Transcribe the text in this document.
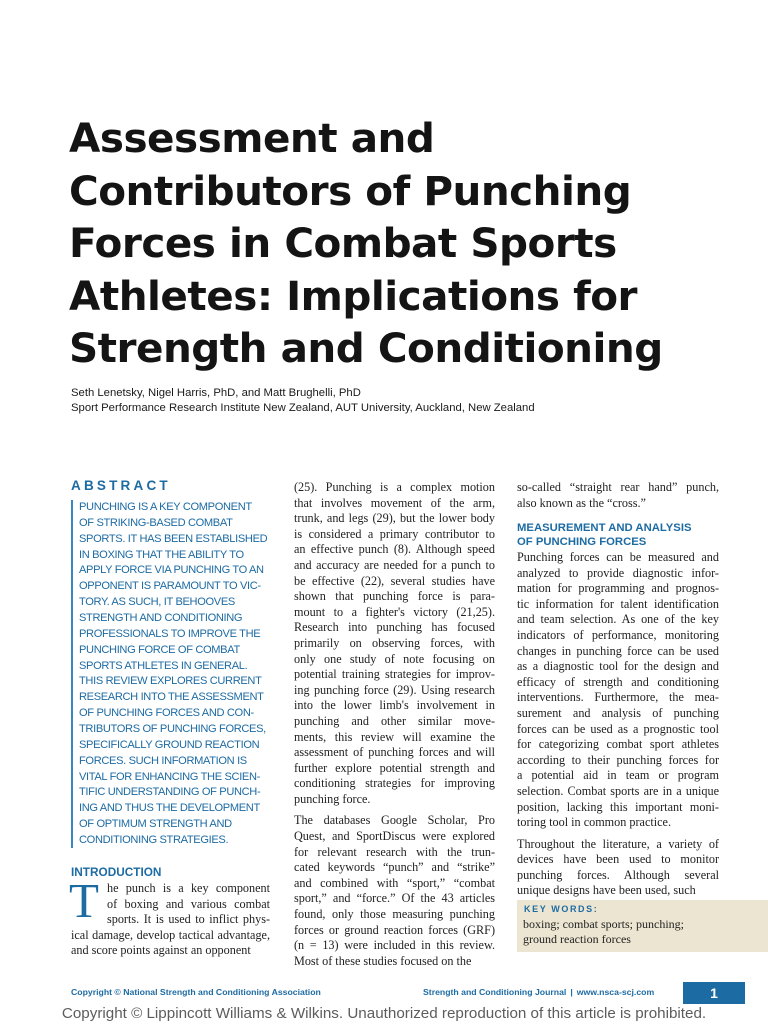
Assessment and
Contributors of Punching
Forces in Combat Sports
Athletes: Implications for
Strength and Conditioning
Seth Lenetsky, Nigel Harris, PhD, and Matt Brughelli, PhD
Sport Performance Research Institute New Zealand, AUT University, Auckland, New Zealand
ABSTRACT
PUNCHING IS A KEY COMPONENT
OF STRIKING-BASED COMBAT
SPORTS. IT HAS BEEN ESTABLISHED
IN BOXING THAT THE ABILITY TO
APPLY FORCE VIA PUNCHING TO AN
OPPONENT IS PARAMOUNT TO VIC-
TORY. AS SUCH, IT BEHOOVES
STRENGTH AND CONDITIONING
PROFESSIONALS TO IMPROVE THE
PUNCHING FORCE OF COMBAT
SPORTS ATHLETES IN GENERAL.
THIS REVIEW EXPLORES CURRENT
RESEARCH INTO THE ASSESSMENT
OF PUNCHING FORCES AND CON-
TRIBUTORS OF PUNCHING FORCES,
SPECIFICALLY GROUND REACTION
FORCES. SUCH INFORMATION IS
VITAL FOR ENHANCING THE SCIEN-
TIFIC UNDERSTANDING OF PUNCH-
ING AND THUS THE DEVELOPMENT
OF OPTIMUM STRENGTH AND
CONDITIONING STRATEGIES.
INTRODUCTION
T he punch is a key component
of boxing and various combat
sports. It is used to inflict phys-
ical damage, develop tactical advantage,
and score points against an opponent
(25). Punching is a complex motion
that involves movement of the arm,
trunk, and legs (29), but the lower body
is considered a primary contributor to
an effective punch (8). Although speed
and accuracy are needed for a punch to
be effective (22), several studies have
shown that punching force is para-
mount to a fighter's victory (21,25).
Research into punching has focused
primarily on observing forces, with
only one study of note focusing on
potential training strategies for improv-
ing punching force (29). Using research
into the lower limb's involvement in
punching and other similar move-
ments, this review will examine the
assessment of punching forces and will
further explore potential strength and
conditioning strategies for improving
punching force.
The databases Google Scholar, Pro
Quest, and SportDiscus were explored
for relevant research with the trun-
cated keywords “punch” and “strike”
and combined with “sport,” “combat
sport,” and “force.” Of the 43 articles
found, only those measuring punching
forces or ground reaction forces (GRF)
(n = 13) were included in this review.
Most of these studies focused on the
so-called “straight rear hand” punch,
also known as the “cross.”
MEASUREMENT AND ANALYSIS
OF PUNCHING FORCES
Punching forces can be measured and
analyzed to provide diagnostic infor-
mation for programming and prognos-
tic information for talent identification
and team selection. As one of the key
indicators of performance, monitoring
changes in punching force can be used
as a diagnostic tool for the design and
efficacy of strength and conditioning
interventions. Furthermore, the mea-
surement and analysis of punching
forces can be used as a prognostic tool
for categorizing combat sport athletes
according to their punching forces for
a potential aid in team or program
selection. Combat sports are in a unique
position, lacking this important moni-
toring tool in common practice.
Throughout the literature, a variety of
devices have been used to monitor
punching forces. Although several
unique designs have been used, such
KEY WORDS:
boxing; combat sports; punching;
ground reaction forces
Copyright © National Strength and Conditioning Association	Strength and Conditioning Journal | www.nsca-scj.com	1
Copyright © Lippincott Williams & Wilkins. Unauthorized reproduction of this article is prohibited.
